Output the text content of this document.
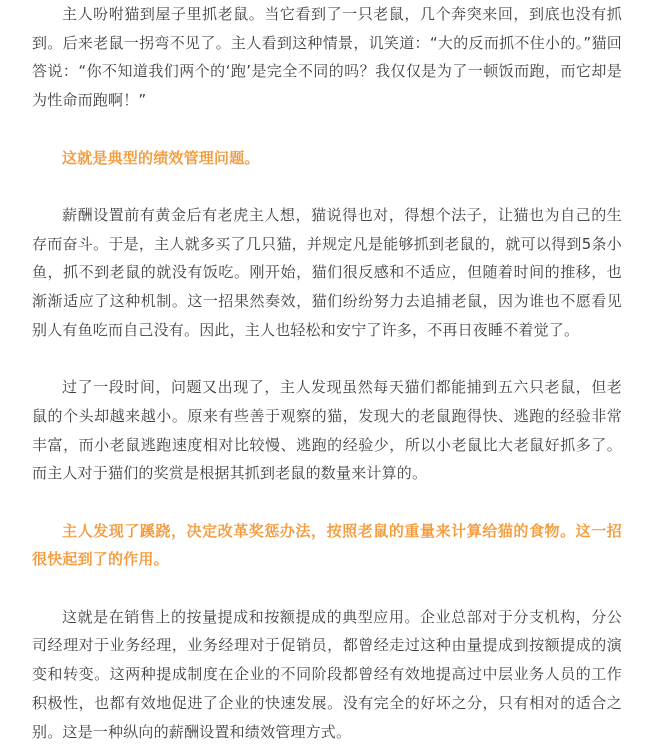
主人吩咐猫到屋子里抓老鼠。当它看到了一只老鼠，几个奔突来回，到底也没有抓到。后来老鼠一拐弯不见了。主人看到这种情景，讥笑道：“大的反而抓不住小的。”猫回答说：“你不知道我们两个的‘跑’是完全不同的吗？我仅仅是为了一顿饭而跑，而它却是为性命而跑啊！”

这就是典型的绩效管理问题。

薪酬设置前有黄金后有老虎主人想，猫说得也对，得想个法子，让猫也为自己的生存而奋斗。于是，主人就多买了几只猫，并规定凡是能够抓到老鼠的，就可以得到5条小鱼，抓不到老鼠的就没有饭吃。刚开始，猫们很反感和不适应，但随着时间的推移，也渐渐适应了这种机制。这一招果然奏效，猫们纷纷努力去追捕老鼠，因为谁也不愿看见别人有鱼吃而自己没有。因此，主人也轻松和安宁了许多，不再日夜睡不着觉了。

过了一段时间，问题又出现了，主人发现虽然每天猫们都能捕到五六只老鼠，但老鼠的个头却越来越小。原来有些善于观察的猫，发现大的老鼠跑得快、逃跑的经验非常丰富，而小老鼠逃跑速度相对比较慢、逃跑的经验少，所以小老鼠比大老鼠好抓多了。而主人对于猫们的奖赏是根据其抓到老鼠的数量来计算的。

主人发现了蹊跷，决定改革奖惩办法，按照老鼠的重量来计算给猫的食物。这一招很快起到了的作用。

这就是在销售上的按量提成和按额提成的典型应用。企业总部对于分支机构，分公司经理对于业务经理，业务经理对于促销员，都曾经走过这种由量提成到按额提成的演变和转变。这两种提成制度在企业的不同阶段都曾经有效地提高过中层业务人员的工作积极性，也都有效地促进了企业的快速发展。没有完全的好坏之分，只有相对的适合之别。这是一种纵向的薪酬设置和绩效管理方式。
